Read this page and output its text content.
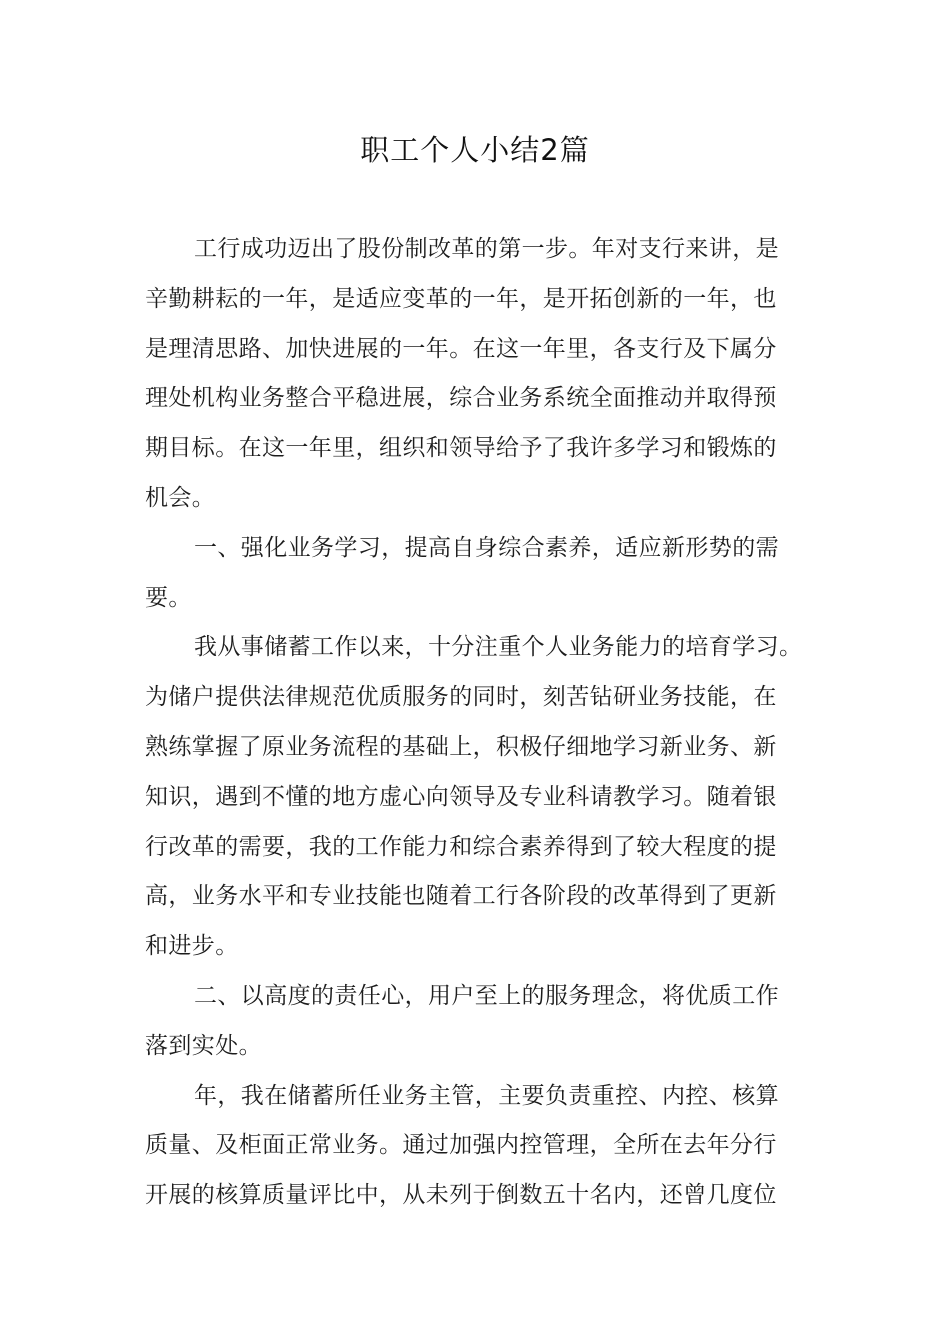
职工个人小结2篇
工行成功迈出了股份制改革的第一步。年对支行来讲，是
辛勤耕耘的一年，是适应变革的一年，是开拓创新的一年，也
是理清思路、加快进展的一年。在这一年里，各支行及下属分
理处机构业务整合平稳进展，综合业务系统全面推动并取得预
期目标。在这一年里，组织和领导给予了我许多学习和锻炼的
机会。
一、强化业务学习，提高自身综合素养，适应新形势的需
要。
我从事储蓄工作以来，十分注重个人业务能力的培育学习。
为储户提供法律规范优质服务的同时，刻苦钻研业务技能，在
熟练掌握了原业务流程的基础上，积极仔细地学习新业务、新
知识，遇到不懂的地方虚心向领导及专业科请教学习。随着银
行改革的需要，我的工作能力和综合素养得到了较大程度的提
高，业务水平和专业技能也随着工行各阶段的改革得到了更新
和进步。
二、以高度的责任心，用户至上的服务理念，将优质工作
落到实处。
年，我在储蓄所任业务主管，主要负责重控、内控、核算
质量、及柜面正常业务。通过加强内控管理，全所在去年分行
开展的核算质量评比中，从未列于倒数五十名内，还曾几度位
